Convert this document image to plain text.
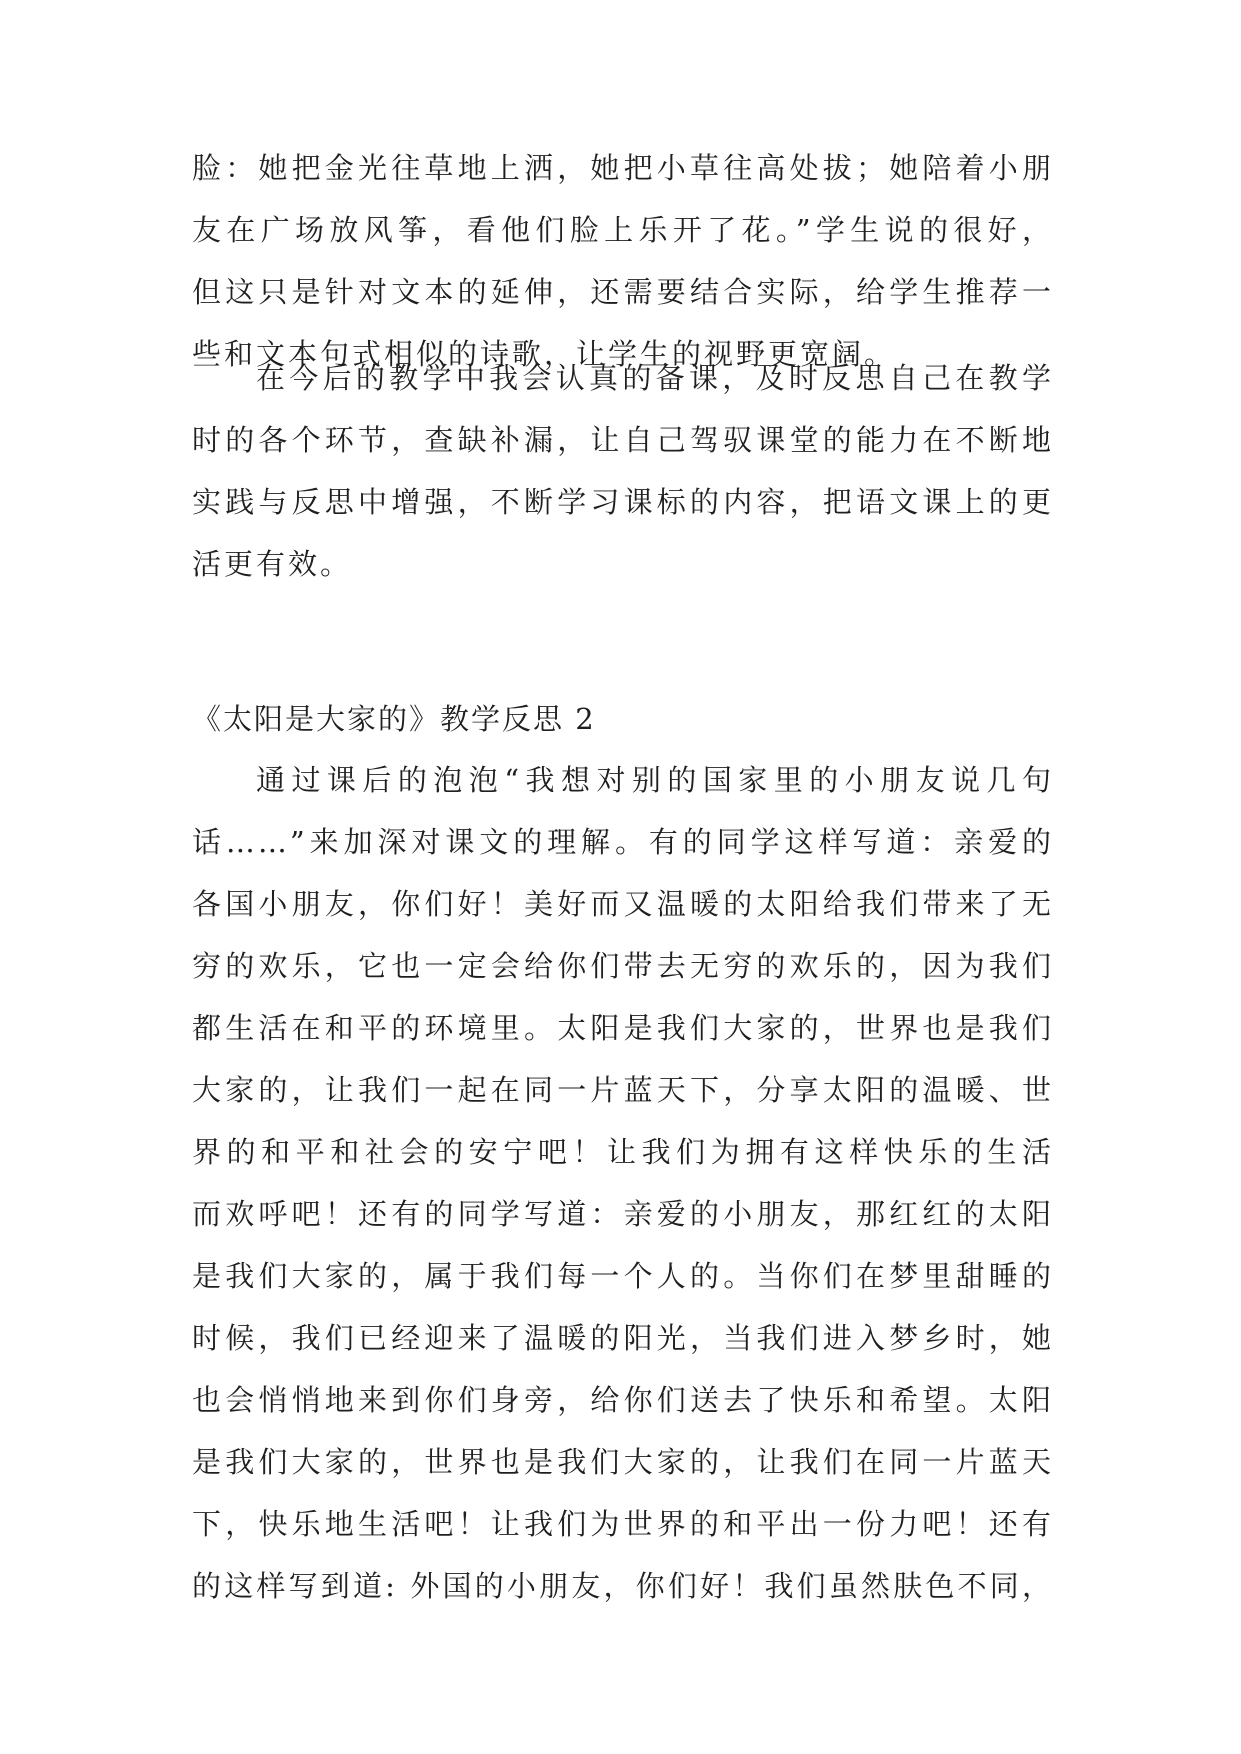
脸：她把金光往草地上洒，她把小草往高处拔；她陪着小朋
友在广场放风筝，看他们脸上乐开了花。”学生说的很好，
但这只是针对文本的延伸，还需要结合实际，给学生推荐一
些和文本句式相似的诗歌，让学生的视野更宽阔。
在今后的教学中我会认真的备课，及时反思自己在教学
时的各个环节，查缺补漏，让自己驾驭课堂的能力在不断地
实践与反思中增强，不断学习课标的内容，把语文课上的更
活更有效。
《太阳是大家的》教学反思 2
通过课后的泡泡“我想对别的国家里的小朋友说几句
话……”来加深对课文的理解。有的同学这样写道：亲爱的
各国小朋友，你们好！美好而又温暖的太阳给我们带来了无
穷的欢乐，它也一定会给你们带去无穷的欢乐的，因为我们
都生活在和平的环境里。太阳是我们大家的，世界也是我们
大家的，让我们一起在同一片蓝天下，分享太阳的温暖、世
界的和平和社会的安宁吧！让我们为拥有这样快乐的生活
而欢呼吧！还有的同学写道：亲爱的小朋友，那红红的太阳
是我们大家的，属于我们每一个人的。当你们在梦里甜睡的
时候，我们已经迎来了温暖的阳光，当我们进入梦乡时，她
也会悄悄地来到你们身旁，给你们送去了快乐和希望。太阳
是我们大家的，世界也是我们大家的，让我们在同一片蓝天
下，快乐地生活吧！让我们为世界的和平出一份力吧！还有
的这样写到道: 外国的小朋友，你们好！我们虽然肤色不同，
